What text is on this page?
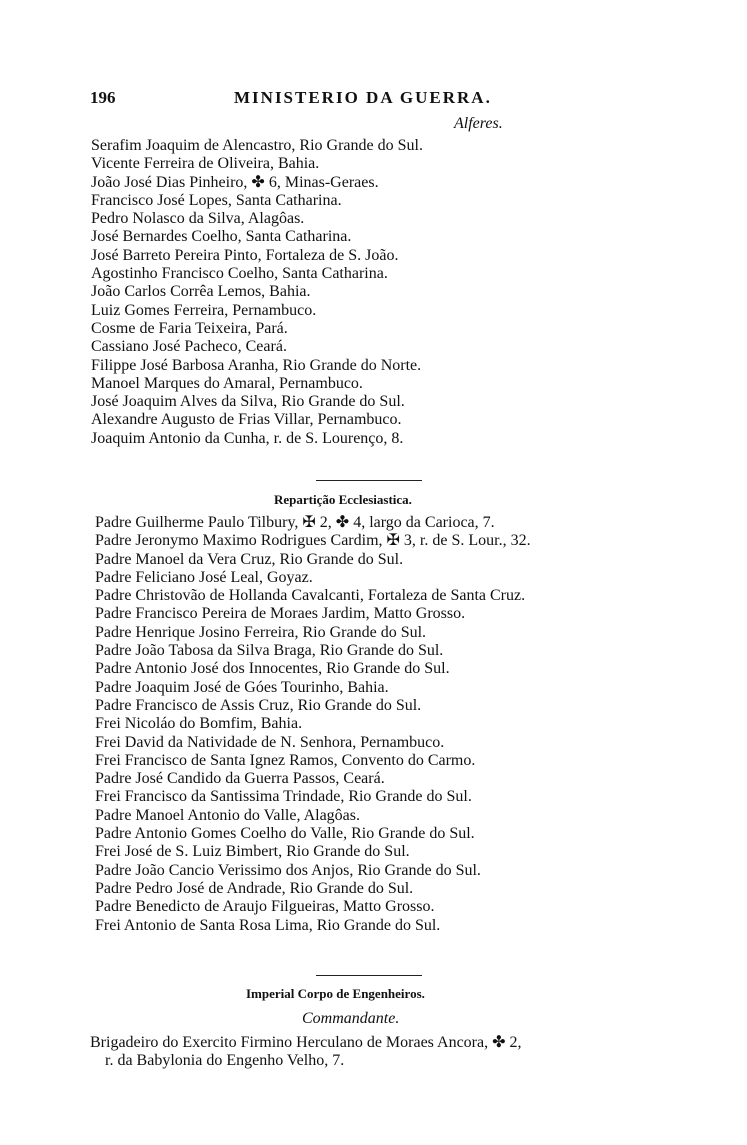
196	MINISTERIO DA GUERRA.
Alferes.
Serafim Joaquim de Alencastro, Rio Grande do Sul.
Vicente Ferreira de Oliveira, Bahia.
João José Dias Pinheiro, ✤ 6, Minas-Geraes.
Francisco José Lopes, Santa Catharina.
Pedro Nolasco da Silva, Alagôas.
José Bernardes Coelho, Santa Catharina.
José Barreto Pereira Pinto, Fortaleza de S. João.
Agostinho Francisco Coelho, Santa Catharina.
João Carlos Corrêa Lemos, Bahia.
Luiz Gomes Ferreira, Pernambuco.
Cosme de Faria Teixeira, Pará.
Cassiano José Pacheco, Ceará.
Filippe José Barbosa Aranha, Rio Grande do Norte.
Manoel Marques do Amaral, Pernambuco.
José Joaquim Alves da Silva, Rio Grande do Sul.
Alexandre Augusto de Frias Villar, Pernambuco.
Joaquim Antonio da Cunha, r. de S. Lourenço, 8.
Repartição Ecclesiastica.
Padre Guilherme Paulo Tilbury, ✠ 2, ✤ 4, largo da Carioca, 7.
Padre Jeronymo Maximo Rodrigues Cardim, ✠ 3, r. de S. Lour., 32.
Padre Manoel da Vera Cruz, Rio Grande do Sul.
Padre Feliciano José Leal, Goyaz.
Padre Christovão de Hollanda Cavalcanti, Fortaleza de Santa Cruz.
Padre Francisco Pereira de Moraes Jardim, Matto Grosso.
Padre Henrique Josino Ferreira, Rio Grande do Sul.
Padre João Tabosa da Silva Braga, Rio Grande do Sul.
Padre Antonio José dos Innocentes, Rio Grande do Sul.
Padre Joaquim José de Góes Tourinho, Bahia.
Padre Francisco de Assis Cruz, Rio Grande do Sul.
Frei Nicoláo do Bomfim, Bahia.
Frei David da Natividade de N. Senhora, Pernambuco.
Frei Francisco de Santa Ignez Ramos, Convento do Carmo.
Padre José Candido da Guerra Passos, Ceará.
Frei Francisco da Santissima Trindade, Rio Grande do Sul.
Padre Manoel Antonio do Valle, Alagôas.
Padre Antonio Gomes Coelho do Valle, Rio Grande do Sul.
Frei José de S. Luiz Bimbert, Rio Grande do Sul.
Padre João Cancio Verissimo dos Anjos, Rio Grande do Sul.
Padre Pedro José de Andrade, Rio Grande do Sul.
Padre Benedicto de Araujo Filgueiras, Matto Grosso.
Frei Antonio de Santa Rosa Lima, Rio Grande do Sul.
Imperial Corpo de Engenheiros.
Commandante.
Brigadeiro do Exercito Firmino Herculano de Moraes Ancora, ✤ 2,
r. da Babylonia do Engenho Velho, 7.
